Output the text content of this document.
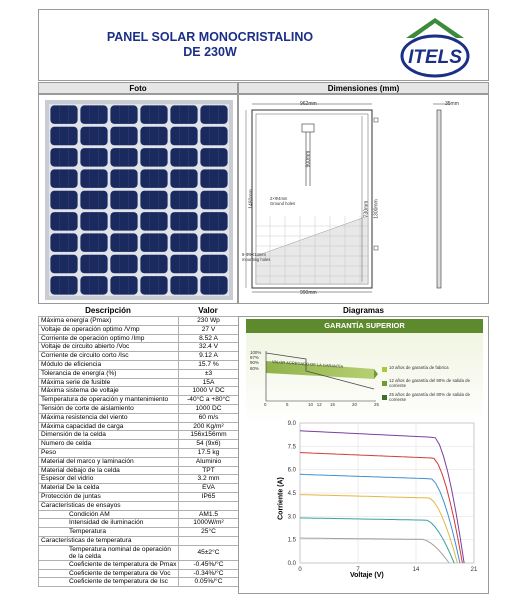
PANEL SOLAR MONOCRISTALINO
DE 230W	ITELS
Foto	Dimensiones (mm)
962mm	35mm
900mm
1480mm
730mm 1300mm
990mm
2×Φ4mm
Ground holes
8-Φ9X14mm
mounting holes
Descripción	Valor	Diagramas
Máxima energía (Pmax)	230 Wp
Voltaje de operación optimo /Vmp	27 V
Corriente de operación optimo /Imp	8.52 A
Voltaje de circuito abierto /Voc	32.4 V
Corriente de circuito corto /Isc	9.12 A
Módulo de eficiencia	15.7 %
Tolerancia de energía (%)	±3
Máxima serie de fusible	15A
Máxima sistema de voltaje	1000 V DC
Temperatura de operación y mantenimiento	-40°C a +80°C
Tensión de corte de aislamiento	1000 DC
Máxima resistencia del viento	60 m/s
Máxima capacidad de carga	200 Kg/m²
Dimensión de la celda	156x156mm
Numero de celda	54 (9x6)
Peso	17.5 kg
Material del marco y laminación	Aluminio
Material debajo de la celda	TPT
Espesor del vidrio	3.2 mm
Material De la celda	EVA
Protección de juntas	IP65
Características de ensayos	
Condición AM	AM1.5
Intensidad de iluminación	1000W/m²
Temperatura	25°C
Características de temperatura	
Temperatura nominal de operación de la celda	45±2°C
Coeficiente de temperatura de Pmax	-0.45%/°C
Coeficiente de temperatura de Voc	-0.34%/°C
Coeficiente de temperatura de Isc	0.05%/°C
GARANTÍA SUPERIOR
VALOR AGREGADO DE LA GARANTÍA
100%
97%
90%
80%
0	5	10 12 15	20	25
10 años de garantía de fabrica
12 años de garantía del 90% de salida de corriente
25 años de garantía del 80% de salida de corriente
0.0
1.5
3.0
4.5
6.0
7.5
9.0
0	7	14	21
Corriente (A)
Voltaje (V)
